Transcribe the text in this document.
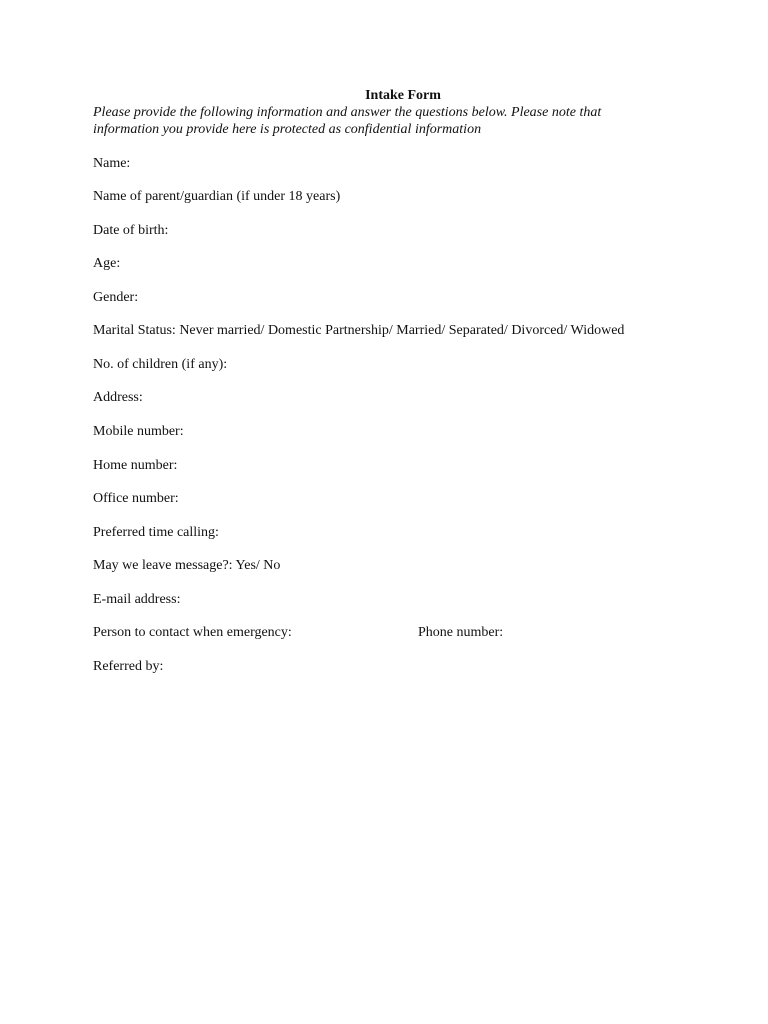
Intake Form
Please provide the following information and answer the questions below. Please note that
information you provide here is protected as confidential information
Name:
Name of parent/guardian (if under 18 years)
Date of birth:
Age:
Gender:
Marital Status: Never married/ Domestic Partnership/ Married/ Separated/ Divorced/ Widowed
No. of children (if any):
Address:
Mobile number:
Home number:
Office number:
Preferred time calling:
May we leave message?: Yes/ No
E-mail address:
Person to contact when emergency:	Phone number:
Referred by:
